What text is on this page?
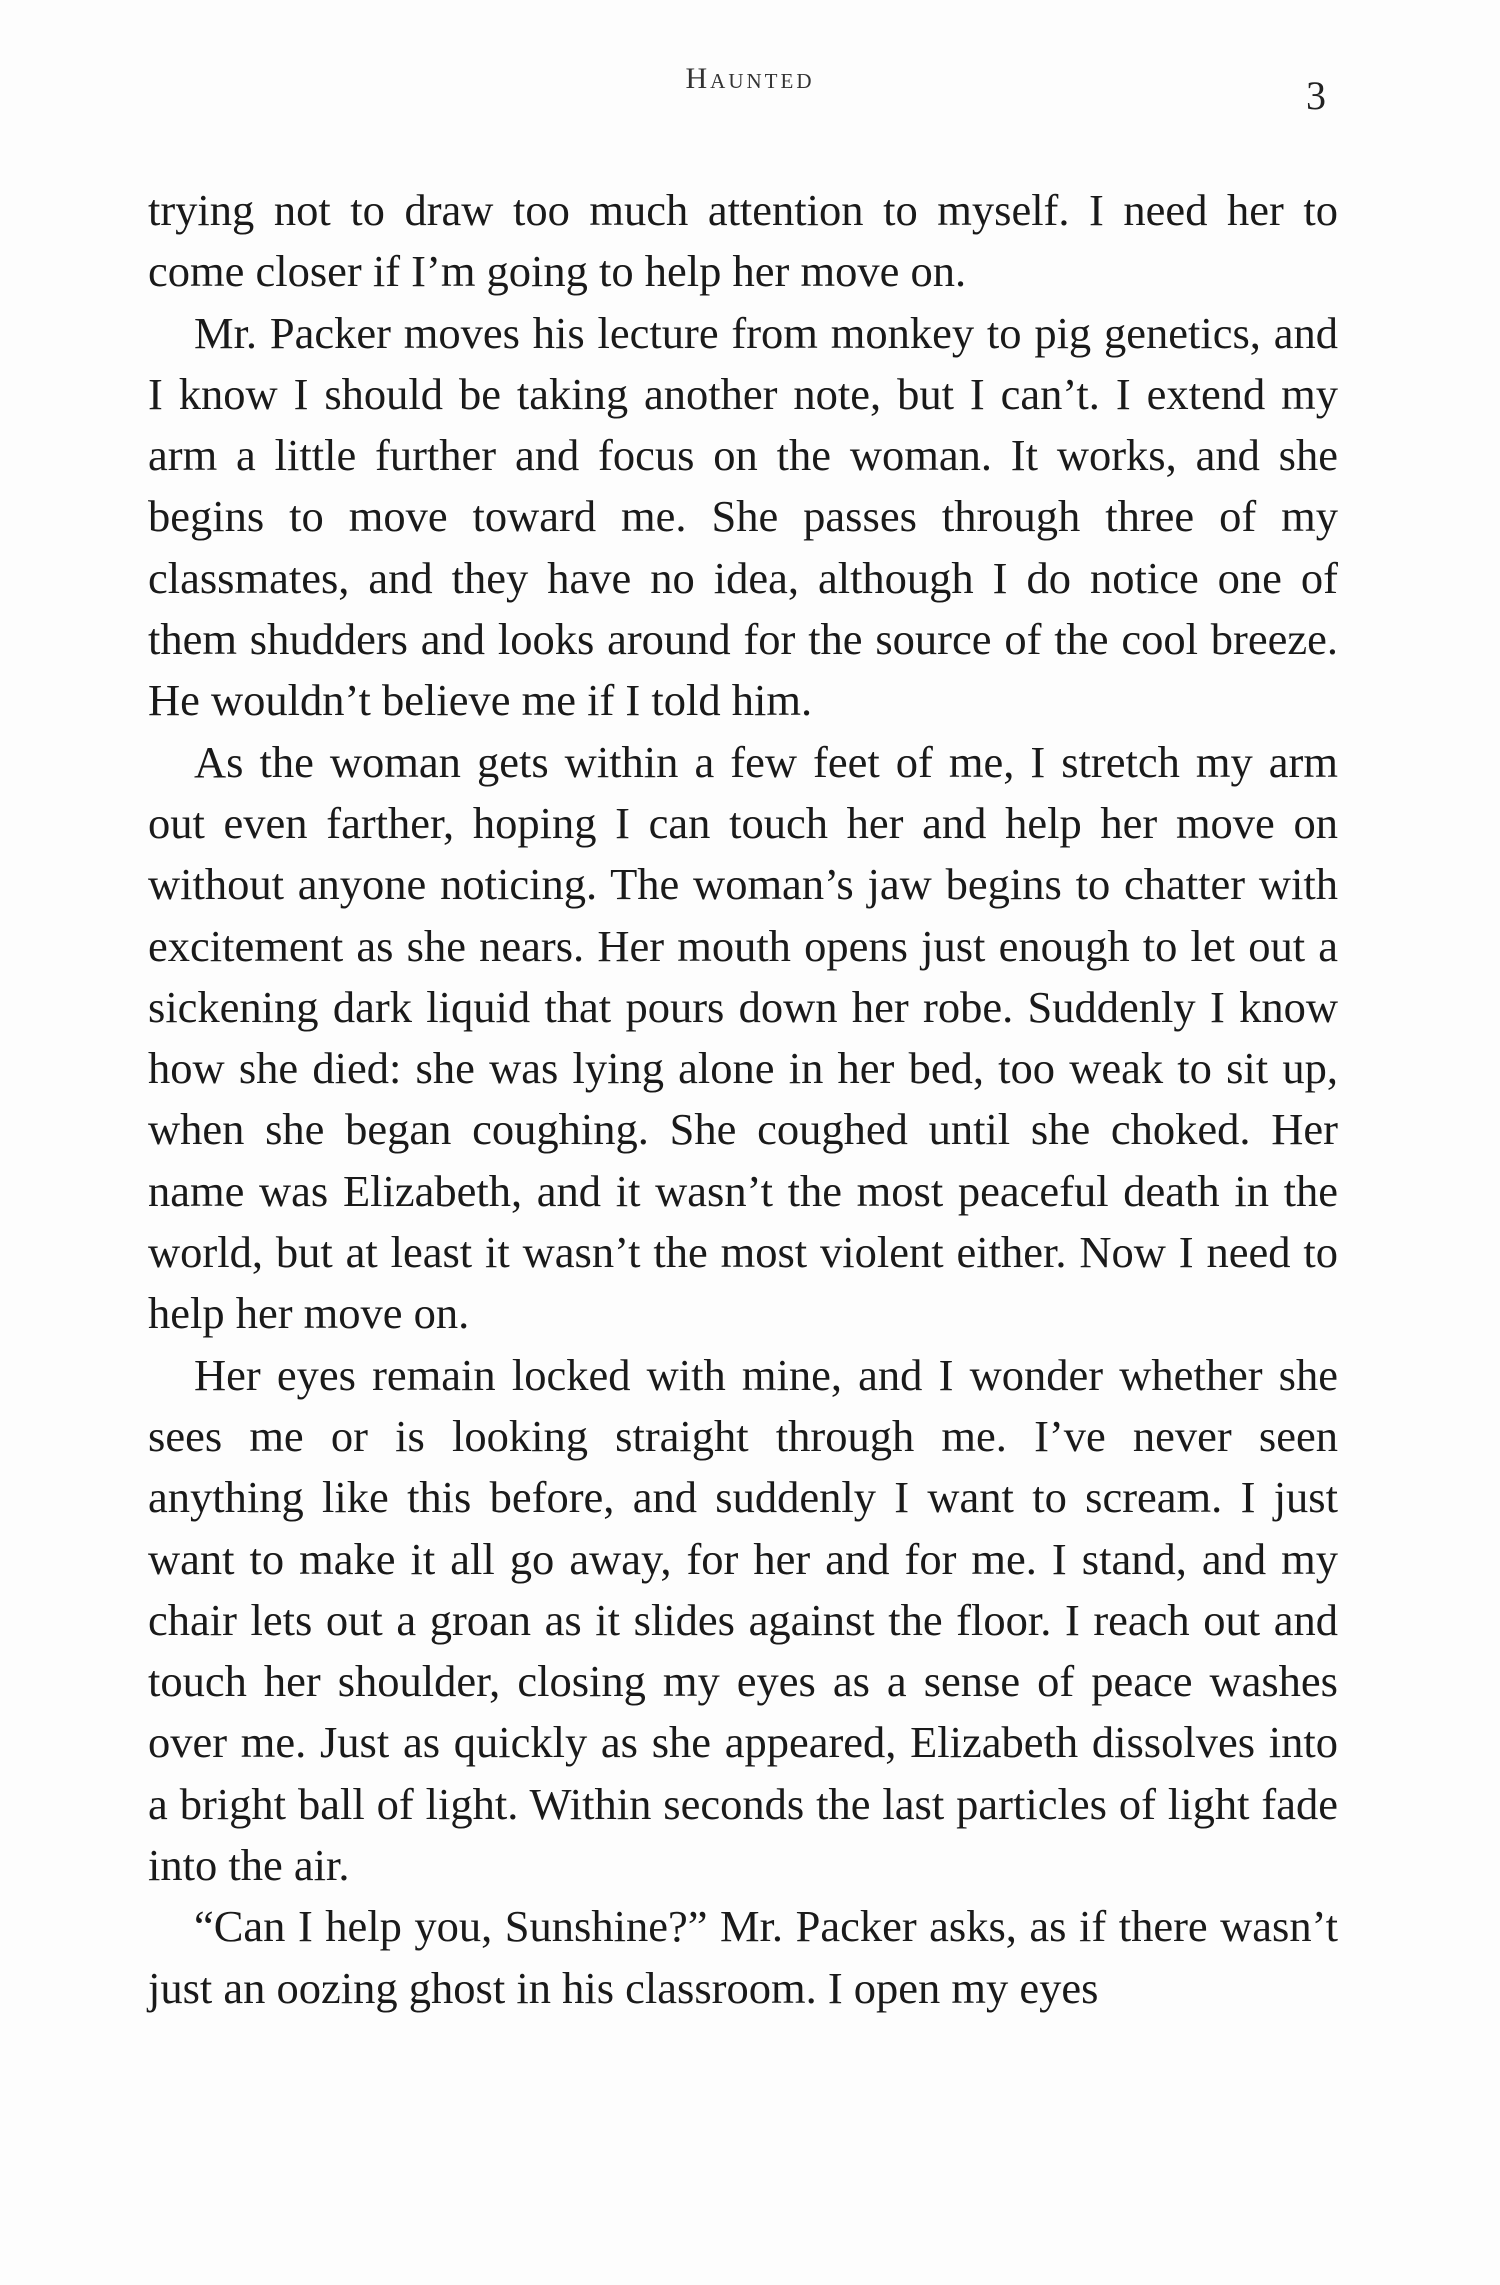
Haunted	3

trying not to draw too much attention to myself. I need her to come closer if I’m going to help her move on.

Mr. Packer moves his lecture from monkey to pig genetics, and I know I should be taking another note, but I can’t. I extend my arm a little further and focus on the woman. It works, and she begins to move toward me. She passes through three of my classmates, and they have no idea, although I do notice one of them shudders and looks around for the source of the cool breeze. He wouldn’t believe me if I told him.

As the woman gets within a few feet of me, I stretch my arm out even farther, hoping I can touch her and help her move on without anyone noticing. The woman’s jaw begins to chatter with excitement as she nears. Her mouth opens just enough to let out a sickening dark liquid that pours down her robe. Suddenly I know how she died: she was lying alone in her bed, too weak to sit up, when she began coughing. She coughed until she choked. Her name was Elizabeth, and it wasn’t the most peaceful death in the world, but at least it wasn’t the most violent either. Now I need to help her move on.

Her eyes remain locked with mine, and I wonder whether she sees me or is looking straight through me. I’ve never seen anything like this before, and suddenly I want to scream. I just want to make it all go away, for her and for me. I stand, and my chair lets out a groan as it slides against the floor. I reach out and touch her shoulder, closing my eyes as a sense of peace washes over me. Just as quickly as she appeared, Elizabeth dissolves into a bright ball of light. Within seconds the last particles of light fade into the air.

“Can I help you, Sunshine?” Mr. Packer asks, as if there wasn’t just an oozing ghost in his classroom. I open my eyes
